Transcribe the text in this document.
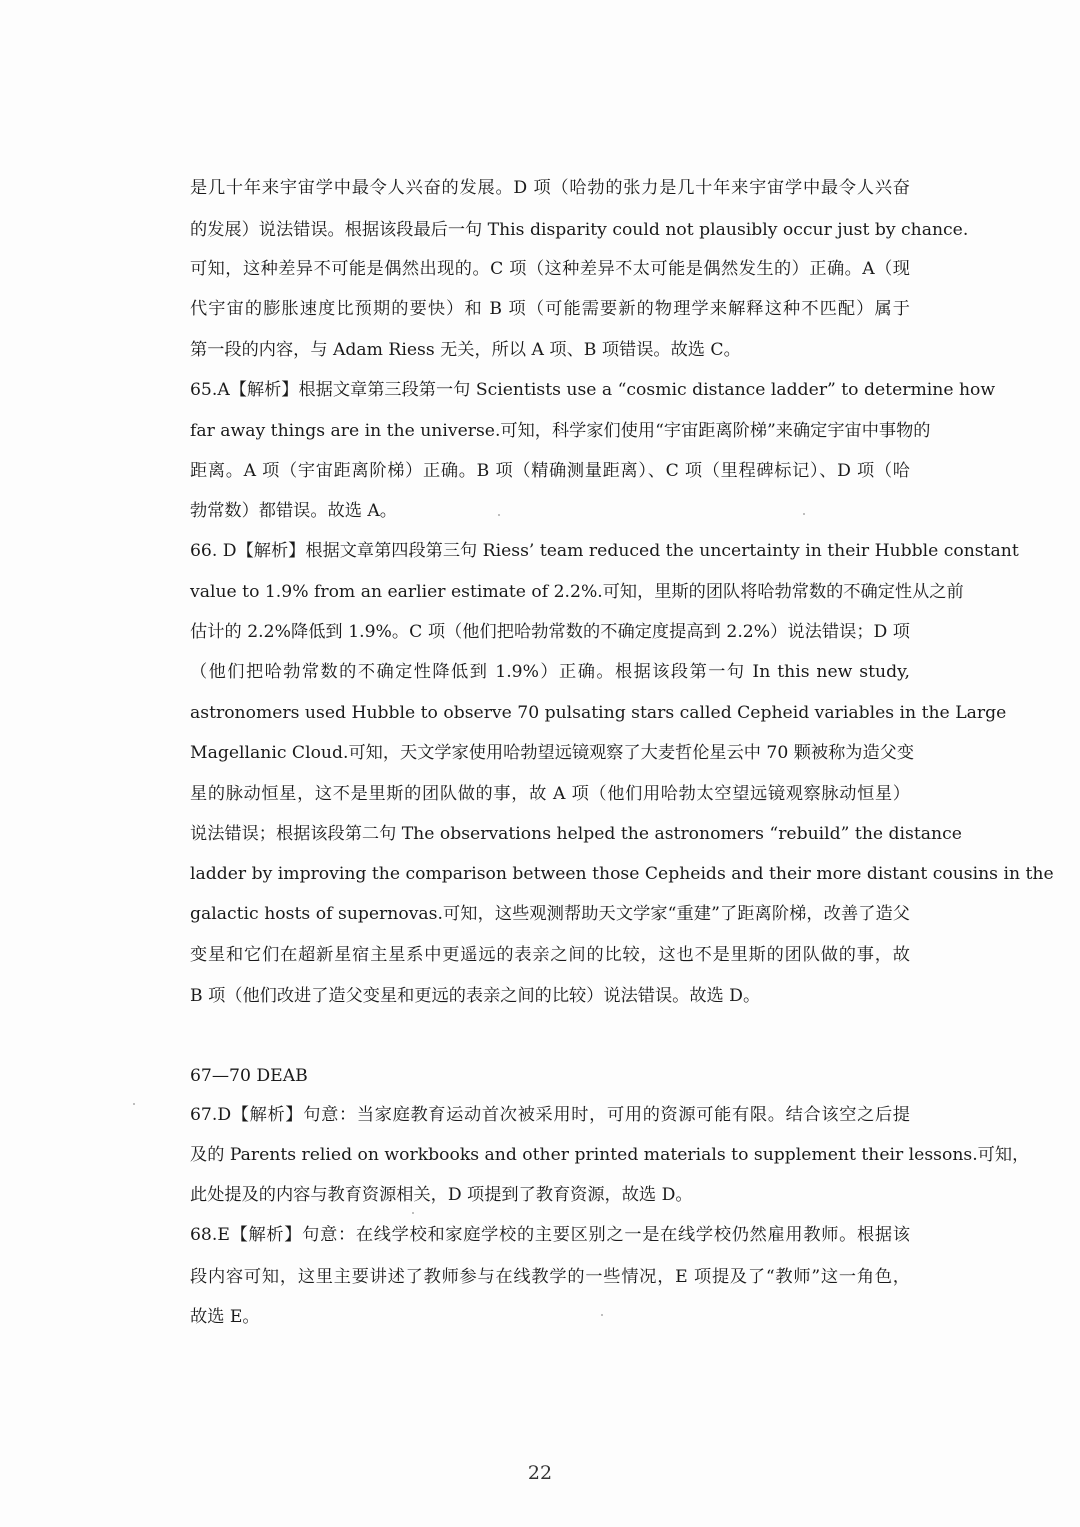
是几十年来宇宙学中最令人兴奋的发展。D 项（哈勃的张力是几十年来宇宙学中最令人兴奋
的发展）说法错误。根据该段最后一句 This disparity could not plausibly occur just by chance.
可知，这种差异不可能是偶然出现的。C 项（这种差异不太可能是偶然发生的）正确。A（现
代宇宙的膨胀速度比预期的要快）和 B 项（可能需要新的物理学来解释这种不匹配）属于
第一段的内容，与 Adam Riess 无关，所以 A 项、B 项错误。故选 C。
65.A【解析】根据文章第三段第一句 Scientists use a “cosmic distance ladder” to determine how
far away things are in the universe.可知，科学家们使用“宇宙距离阶梯”来确定宇宙中事物的
距离。A 项（宇宙距离阶梯）正确。B 项（精确测量距离）、C 项（里程碑标记）、D 项（哈
勃常数）都错误。故选 A。
66. D【解析】根据文章第四段第三句 Riess’ team reduced the uncertainty in their Hubble constant
value to 1.9% from an earlier estimate of 2.2%.可知，里斯的团队将哈勃常数的不确定性从之前
估计的 2.2%降低到 1.9%。C 项（他们把哈勃常数的不确定度提高到 2.2%）说法错误；D 项
（他们把哈勃常数的不确定性降低到 1.9%）正确。根据该段第一句 In this new study,
astronomers used Hubble to observe 70 pulsating stars called Cepheid variables in the Large
Magellanic Cloud.可知，天文学家使用哈勃望远镜观察了大麦哲伦星云中 70 颗被称为造父变
星的脉动恒星，这不是里斯的团队做的事，故 A 项（他们用哈勃太空望远镜观察脉动恒星）
说法错误；根据该段第二句 The observations helped the astronomers “rebuild” the distance
ladder by improving the comparison between those Cepheids and their more distant cousins in the
galactic hosts of supernovas.可知，这些观测帮助天文学家“重建”了距离阶梯，改善了造父
变星和它们在超新星宿主星系中更遥远的表亲之间的比较，这也不是里斯的团队做的事，故
B 项（他们改进了造父变星和更远的表亲之间的比较）说法错误。故选 D。
67—70 DEAB
67.D【解析】句意：当家庭教育运动首次被采用时，可用的资源可能有限。结合该空之后提
及的 Parents relied on workbooks and other printed materials to supplement their lessons.可知，
此处提及的内容与教育资源相关，D 项提到了教育资源，故选 D。
68.E【解析】句意：在线学校和家庭学校的主要区别之一是在线学校仍然雇用教师。根据该
段内容可知，这里主要讲述了教师参与在线教学的一些情况，E 项提及了“教师”这一角色，
故选 E。
22
